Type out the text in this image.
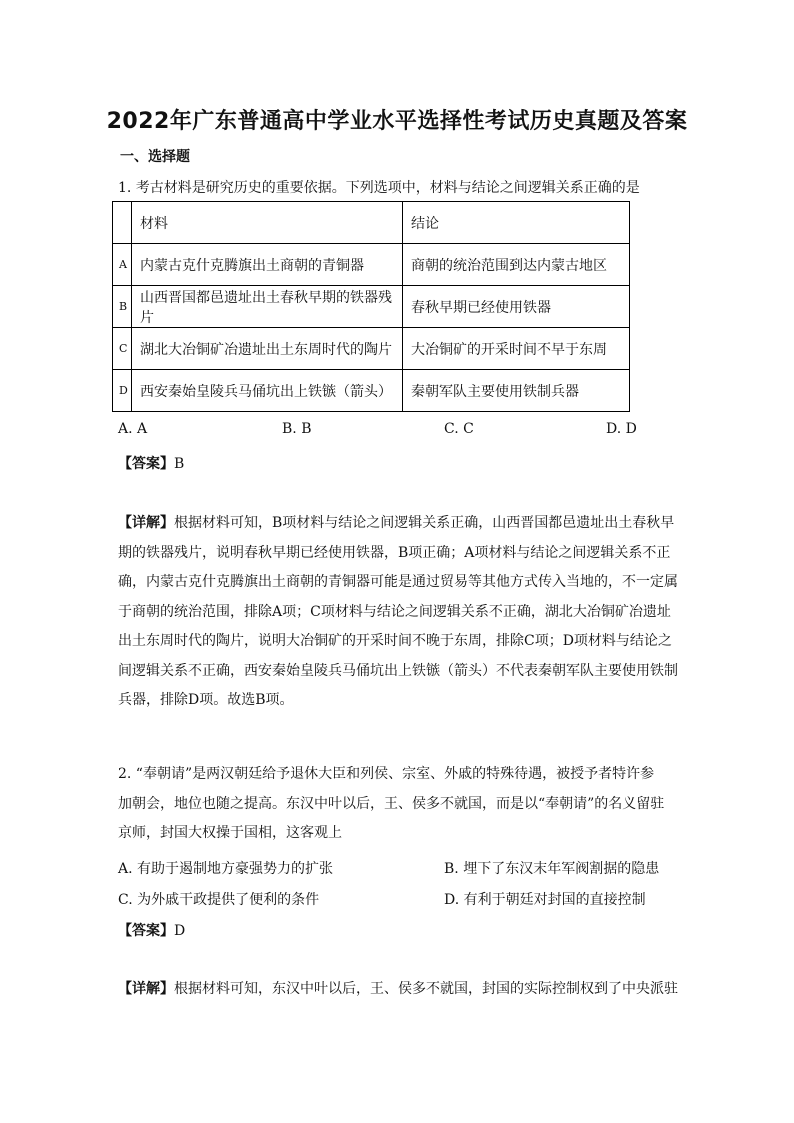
2022年广东普通高中学业水平选择性考试历史真题及答案
一、选择题
1. 考古材料是研究历史的重要依据。下列选项中，材料与结论之间逻辑关系正确的是
	材料	结论
A	内蒙古克什克腾旗出土商朝的青铜器	商朝的统治范围到达内蒙古地区
B	山西晋国都邑遗址出土春秋早期的铁器残片	春秋早期已经使用铁器
C	湖北大冶铜矿冶遗址出土东周时代的陶片	大冶铜矿的开采时间不早于东周
D	西安秦始皇陵兵马俑坑出上铁镞（箭头）	秦朝军队主要使用铁制兵器
A. A	B. B	C. C	D. D
【答案】B
【详解】根据材料可知，B项材料与结论之间逻辑关系正确，山西晋国都邑遗址出土春秋早
期的铁器残片，说明春秋早期已经使用铁器，B项正确；A项材料与结论之间逻辑关系不正
确，内蒙古克什克腾旗出土商朝的青铜器可能是通过贸易等其他方式传入当地的，不一定属
于商朝的统治范围，排除A项；C项材料与结论之间逻辑关系不正确，湖北大冶铜矿冶遗址
出土东周时代的陶片，说明大冶铜矿的开采时间不晚于东周，排除C项；D项材料与结论之
间逻辑关系不正确，西安秦始皇陵兵马俑坑出上铁镞（箭头）不代表秦朝军队主要使用铁制
兵器，排除D项。故选B项。
2. “奉朝请”是两汉朝廷给予退休大臣和列侯、宗室、外戚的特殊待遇，被授予者特许参
加朝会，地位也随之提高。东汉中叶以后，王、侯多不就国，而是以“奉朝请”的名义留驻
京师，封国大权操于国相，这客观上
A. 有助于遏制地方豪强势力的扩张	B. 埋下了东汉末年军阀割据的隐患
C. 为外戚干政提供了便利的条件	D. 有利于朝廷对封国的直接控制
【答案】D
【详解】根据材料可知，东汉中叶以后，王、侯多不就国，封国的实际控制权到了中央派驻
